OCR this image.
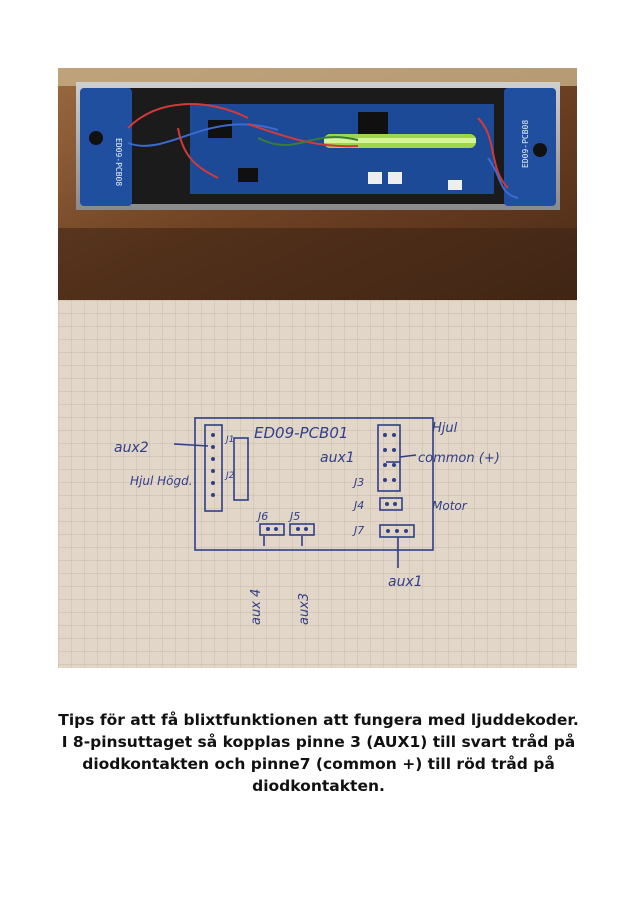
ED09-PCB08	ED09-PCB08
ED09-PCB01
aux2
Hjul Högd.
J1
J2
Hjul
aux1	common (+)
J3
J4	Motor
J6 J5
J7
aux 4	aux3
aux1
Tips för att få blixtfunktionen att fungera med ljuddekoder.
I 8-pinsuttaget så kopplas pinne 3 (AUX1) till svart tråd på
diodkontakten och pinne7 (common +) till röd tråd på
diodkontakten.
